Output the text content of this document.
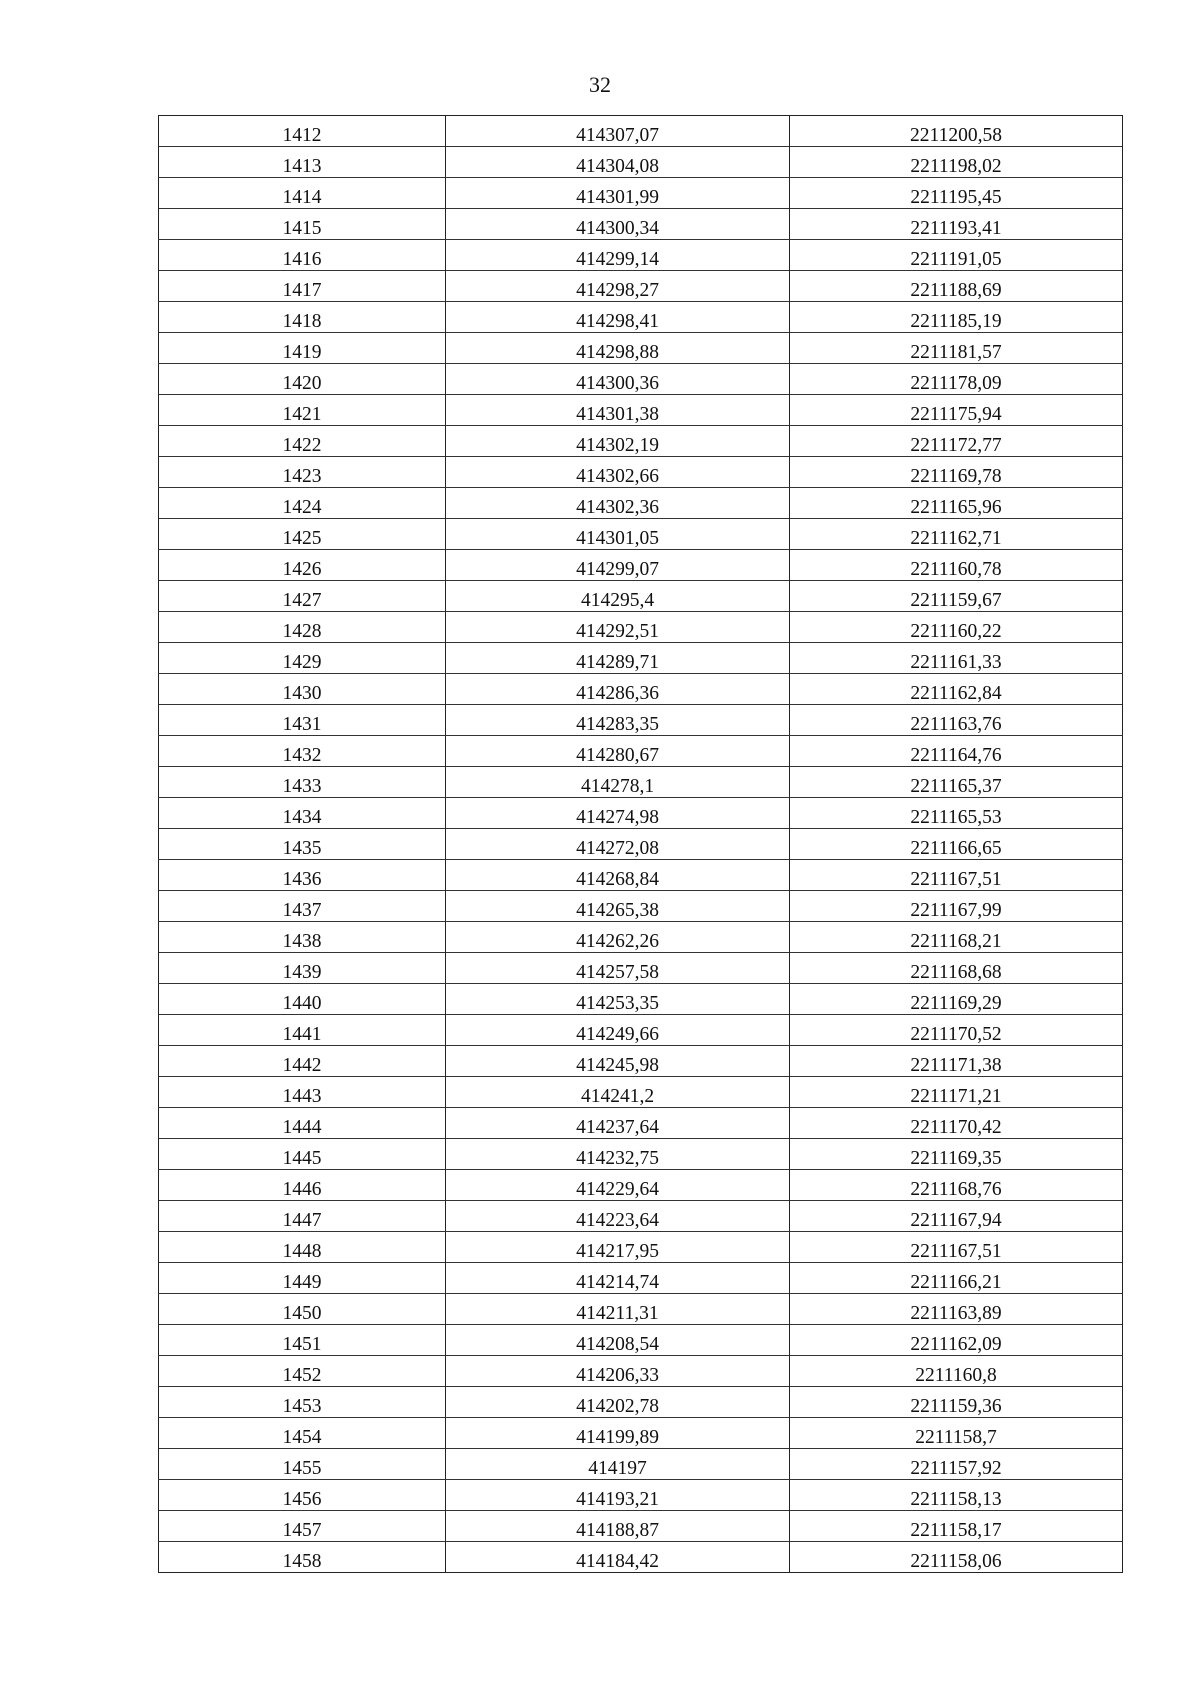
32
1412	414307,07	2211200,58
1413	414304,08	2211198,02
1414	414301,99	2211195,45
1415	414300,34	2211193,41
1416	414299,14	2211191,05
1417	414298,27	2211188,69
1418	414298,41	2211185,19
1419	414298,88	2211181,57
1420	414300,36	2211178,09
1421	414301,38	2211175,94
1422	414302,19	2211172,77
1423	414302,66	2211169,78
1424	414302,36	2211165,96
1425	414301,05	2211162,71
1426	414299,07	2211160,78
1427	414295,4	2211159,67
1428	414292,51	2211160,22
1429	414289,71	2211161,33
1430	414286,36	2211162,84
1431	414283,35	2211163,76
1432	414280,67	2211164,76
1433	414278,1	2211165,37
1434	414274,98	2211165,53
1435	414272,08	2211166,65
1436	414268,84	2211167,51
1437	414265,38	2211167,99
1438	414262,26	2211168,21
1439	414257,58	2211168,68
1440	414253,35	2211169,29
1441	414249,66	2211170,52
1442	414245,98	2211171,38
1443	414241,2	2211171,21
1444	414237,64	2211170,42
1445	414232,75	2211169,35
1446	414229,64	2211168,76
1447	414223,64	2211167,94
1448	414217,95	2211167,51
1449	414214,74	2211166,21
1450	414211,31	2211163,89
1451	414208,54	2211162,09
1452	414206,33	2211160,8
1453	414202,78	2211159,36
1454	414199,89	2211158,7
1455	414197	2211157,92
1456	414193,21	2211158,13
1457	414188,87	2211158,17
1458	414184,42	2211158,06
